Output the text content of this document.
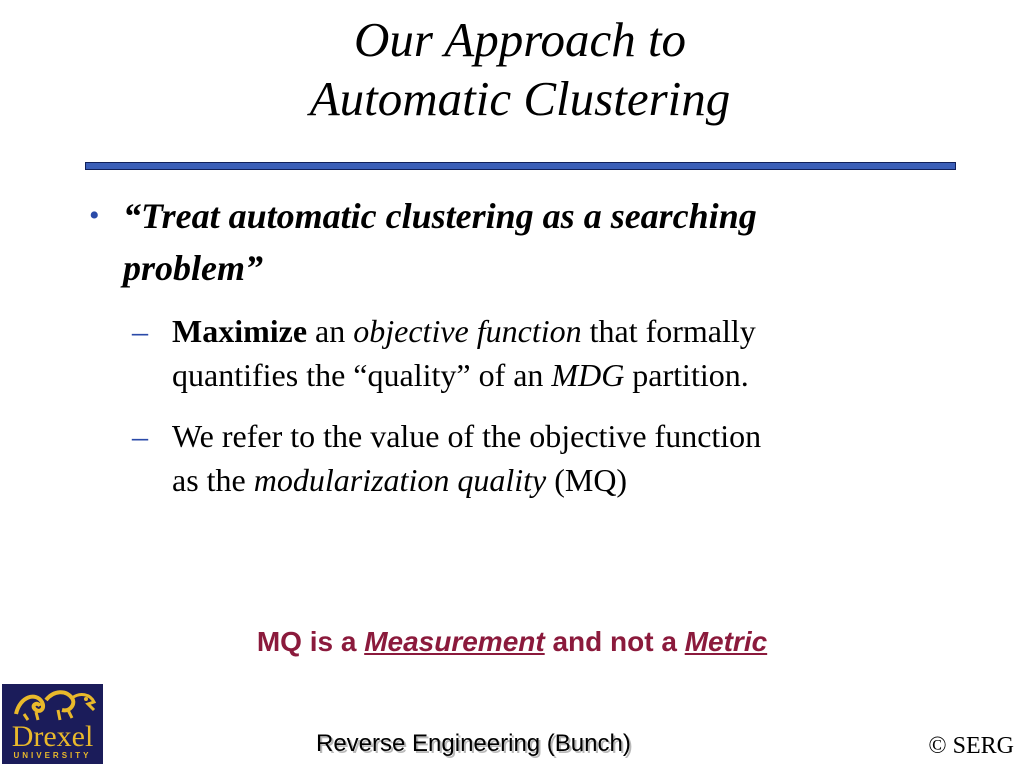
Our Approach to
Automatic Clustering
• “Treat automatic clustering as a searching
problem”
– Maximize an objective function that formally
quantifies the “quality” of an MDG partition.
– We refer to the value of the objective function
as the modularization quality (MQ)
MQ is a Measurement and not a Metric
Drexel
UNIVERSITY	Reverse Engineering (Bunch)	© SERG
